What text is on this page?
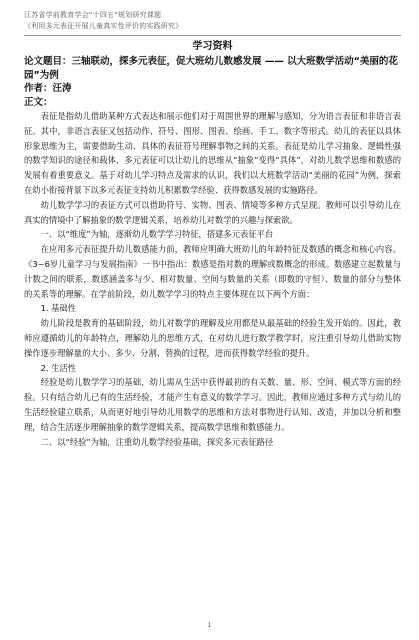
江苏省学前教育学会“十四五”规划研究课题
《利用多元表征开展儿童真实性评价的实践研究》
学习资料
论文题目：三轴联动，探多元表征，促大班幼儿数感发展 —— 以大班数学活动“美丽的花园”为例
作者：汪涛
正文：

表征是指幼儿借助某种方式表达和展示他们对于周围世界的理解与感知，分为语言表征和非语言表征。其中，非语言表征又包括动作、符号、图形、图表、绘画、手工、数字等形式。幼儿的表征以具体形象思维为主，需要借助生动、具体的表征符号理解事物之间的关系。表征是幼儿学习抽象、逻辑性强的数学知识的途径和载体，多元表征可以让幼儿的思维从“抽象”变得“具体”，对幼儿数学思维和数感的发展有着重要意义。基于对幼儿学习特点及需求的认识，我们以大班数学活动“美丽的花园”为例，探索在幼小衔接背景下以多元表征支持幼儿积累数学经验、获得数感发展的实施路径。

幼儿数学学习的表征方式可以借助符号、实物、图表、情境等多种方式呈现。教师可以引导幼儿在真实的情境中了解抽象的数学逻辑关系，培养幼儿对数学的兴趣与探索欲。

一、以“维度”为轴，逐渐幼儿数学学习特征，搭建多元表征平台

在应用多元表征提升幼儿数感能力前，教师应明确大班幼儿的年龄特征及数感的概念和核心内容。《3~6岁儿童学习与发展指南》一书中指出：数感是指对数的理解或数概念的形成。数感建立起数量与计数之间的联系，数感涵盖多与少、相对数量、空间与数量的关系（即数的守恒）、数量的部分与整体的关系等的理解。在学前阶段，幼儿数学学习的特点主要体现在以下两个方面：

1. 基础性

幼儿阶段是教育的基础阶段，幼儿对数学的理解及应用都是从最基础的经验生发开始的。因此，教师应遵循幼儿的年龄特点，理解幼儿的思维方式，在对幼儿进行数学教学时，应注重引导幼儿借助实物操作逐步理解量的大小、多少、分割、替换的过程，进而获得数学经验的提升。

2. 生活性

经验是幼儿数学学习的基础，幼儿需从生活中获得最初的有关数、量、形、空间、模式等方面的经验。只有结合幼儿已有的生活经验，才能产生有意义的数学学习。因此，教师应通过多种方式与幼儿的生活经验建立联系，从而更好地引导幼儿用数学的思维和方法对事物进行认知、改造，并加以分析和整理，结合生活逐步理解抽象的数学逻辑关系，提高数学思维和数感能力。

二、以“经验”为轴，注重幼儿数学经验基础，探究多元表征路径

1
